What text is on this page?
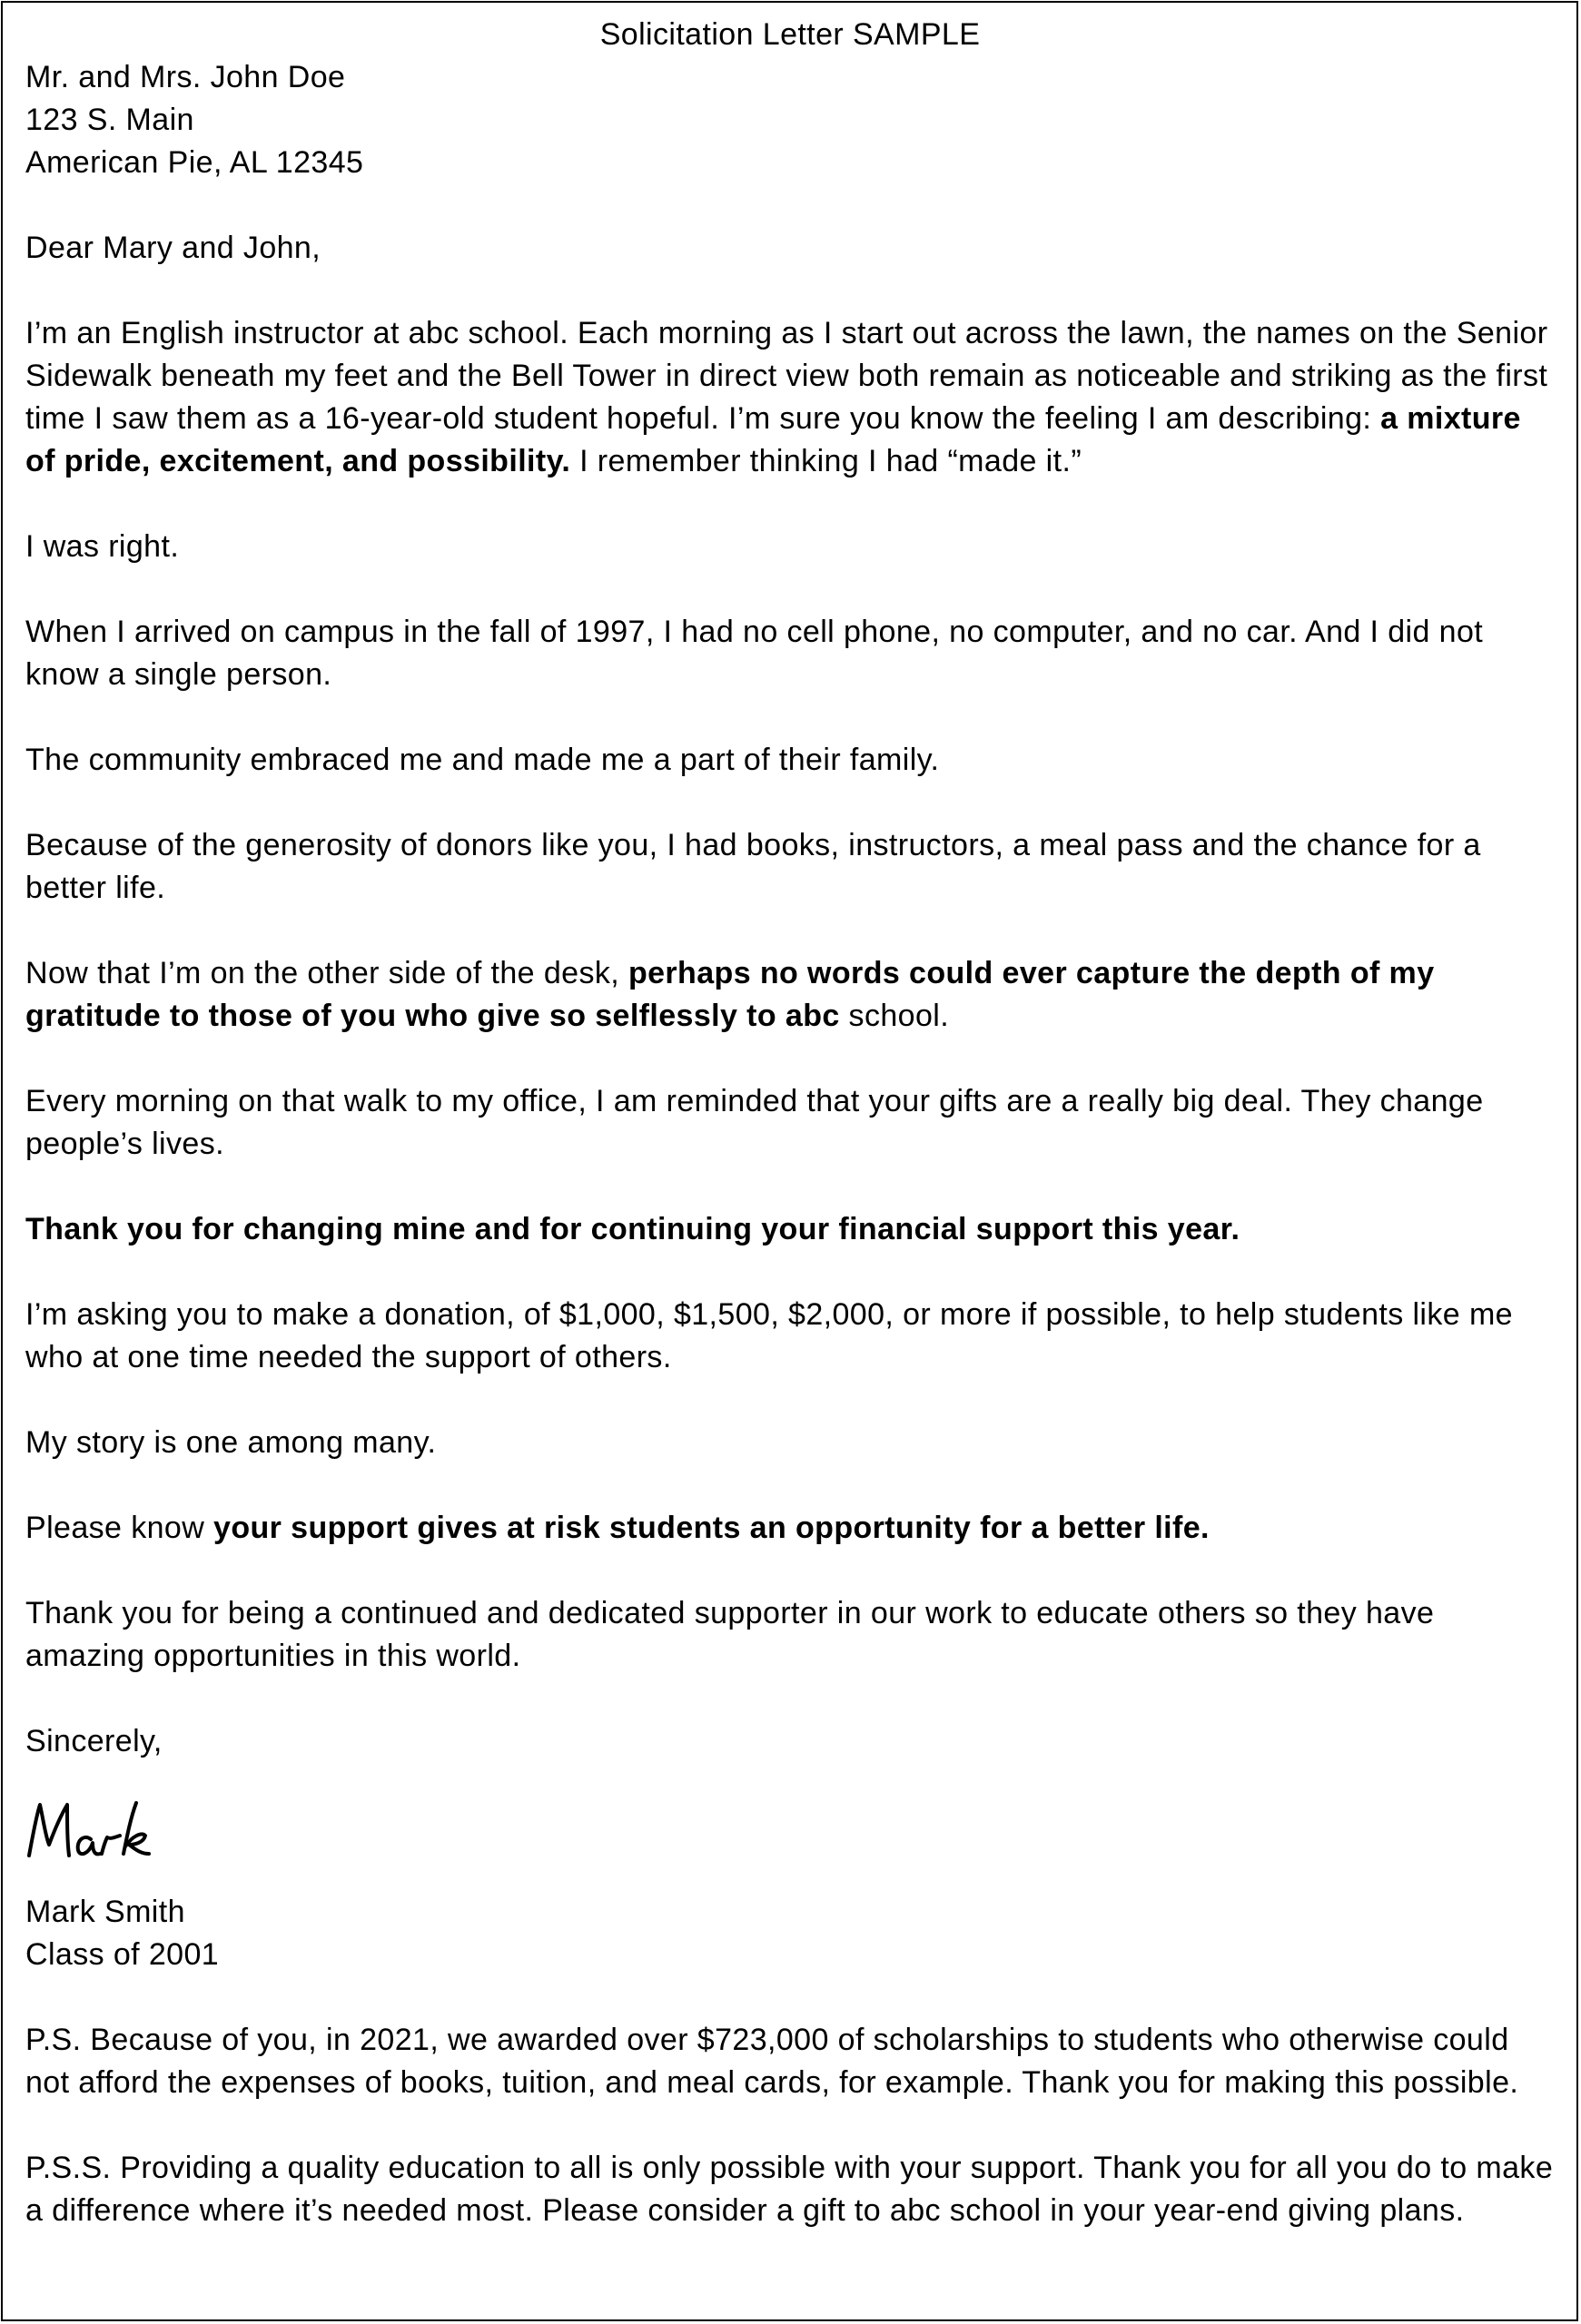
Solicitation Letter SAMPLE

Mr. and Mrs. John Doe

123 S. Main

American Pie, AL 12345

Dear Mary and John,

I’m an English instructor at abc school. Each morning as I start out across the lawn, the names on the Senior Sidewalk beneath my feet and the Bell Tower in direct view both remain as noticeable and striking as the first time I saw them as a 16-year-old student hopeful. I’m sure you know the feeling I am describing: a mixture of pride, excitement, and possibility. I remember thinking I had “made it.”

I was right.

When I arrived on campus in the fall of 1997, I had no cell phone, no computer, and no car. And I did not know a single person.

The community embraced me and made me a part of their family.

Because of the generosity of donors like you, I had books, instructors, a meal pass and the chance for a better life.

Now that I’m on the other side of the desk, perhaps no words could ever capture the depth of my gratitude to those of you who give so selflessly to abc school.

Every morning on that walk to my office, I am reminded that your gifts are a really big deal. They change people’s lives.

Thank you for changing mine and for continuing your financial support this year.

I’m asking you to make a donation, of $1,000, $1,500, $2,000, or more if possible, to help students like me who at one time needed the support of others.

My story is one among many.

Please know your support gives at risk students an opportunity for a better life.

Thank you for being a continued and dedicated supporter in our work to educate others so they have amazing opportunities in this world.

Sincerely,

Mark Smith

Class of 2001

P.S. Because of you, in 2021, we awarded over $723,000 of scholarships to students who otherwise could not afford the expenses of books, tuition, and meal cards, for example. Thank you for making this possible.

P.S.S. Providing a quality education to all is only possible with your support. Thank you for all you do to make a difference where it’s needed most. Please consider a gift to abc school in your year-end giving plans.
